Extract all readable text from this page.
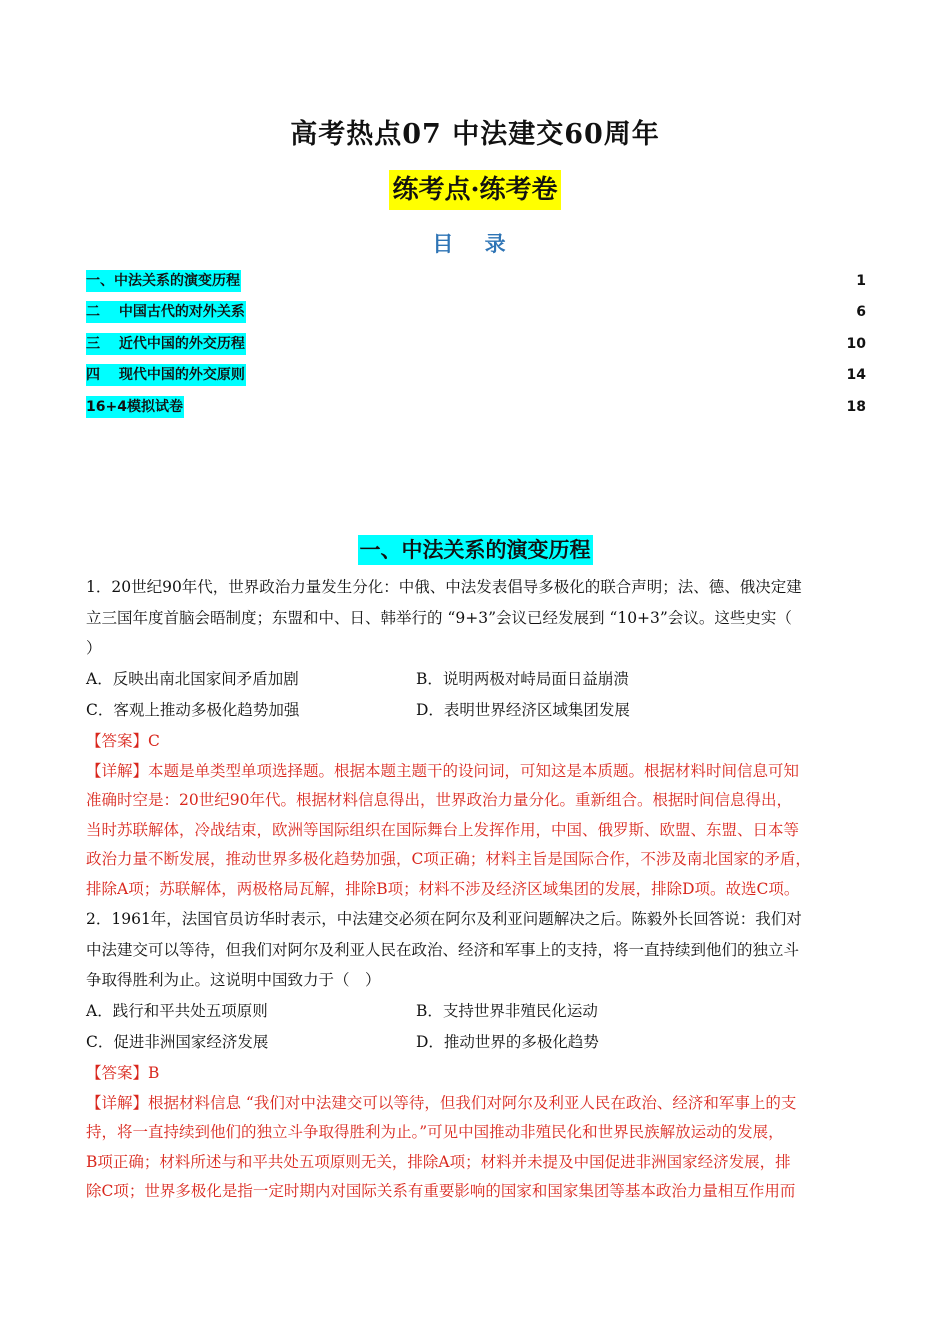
高考热点07 中法建交60周年
练考点·练考卷
目 录
一、中法关系的演变历程	1
二　 中国古代的对外关系	6
三　 近代中国的外交历程	10
四　 现代中国的外交原则	14
16+4模拟试卷	18
一、中法关系的演变历程
1．20世纪90年代，世界政治力量发生分化：中俄、中法发表倡导多极化的联合声明；法、德、俄决定建
立三国年度首脑会晤制度；东盟和中、日、韩举行的 “9+3”会议已经发展到 “10+3”会议。这些史实（
）
A．反映出南北国家间矛盾加剧	B．说明两极对峙局面日益崩溃
C．客观上推动多极化趋势加强	D．表明世界经济区域集团发展
【答案】C
【详解】本题是单类型单项选择题。根据本题主题干的设问词，可知这是本质题。根据材料时间信息可知
准确时空是：20世纪90年代。根据材料信息得出，世界政治力量分化。重新组合。根据时间信息得出，
当时苏联解体，冷战结束，欧洲等国际组织在国际舞台上发挥作用，中国、俄罗斯、欧盟、东盟、日本等
政治力量不断发展，推动世界多极化趋势加强，C项正确；材料主旨是国际合作，不涉及南北国家的矛盾，
排除A项；苏联解体，两极格局瓦解，排除B项；材料不涉及经济区域集团的发展，排除D项。故选C项。
2．1961年，法国官员访华时表示，中法建交必须在阿尔及利亚问题解决之后。陈毅外长回答说：我们对
中法建交可以等待，但我们对阿尔及利亚人民在政治、经济和军事上的支持，将一直持续到他们的独立斗
争取得胜利为止。这说明中国致力于（　）
A．践行和平共处五项原则	B．支持世界非殖民化运动
C．促进非洲国家经济发展	D．推动世界的多极化趋势
【答案】B
【详解】根据材料信息 “我们对中法建交可以等待，但我们对阿尔及利亚人民在政治、经济和军事上的支
持，将一直持续到他们的独立斗争取得胜利为止。”可见中国推动非殖民化和世界民族解放运动的发展，
B项正确；材料所述与和平共处五项原则无关，排除A项；材料并未提及中国促进非洲国家经济发展，排
除C项；世界多极化是指一定时期内对国际关系有重要影响的国家和国家集团等基本政治力量相互作用而
